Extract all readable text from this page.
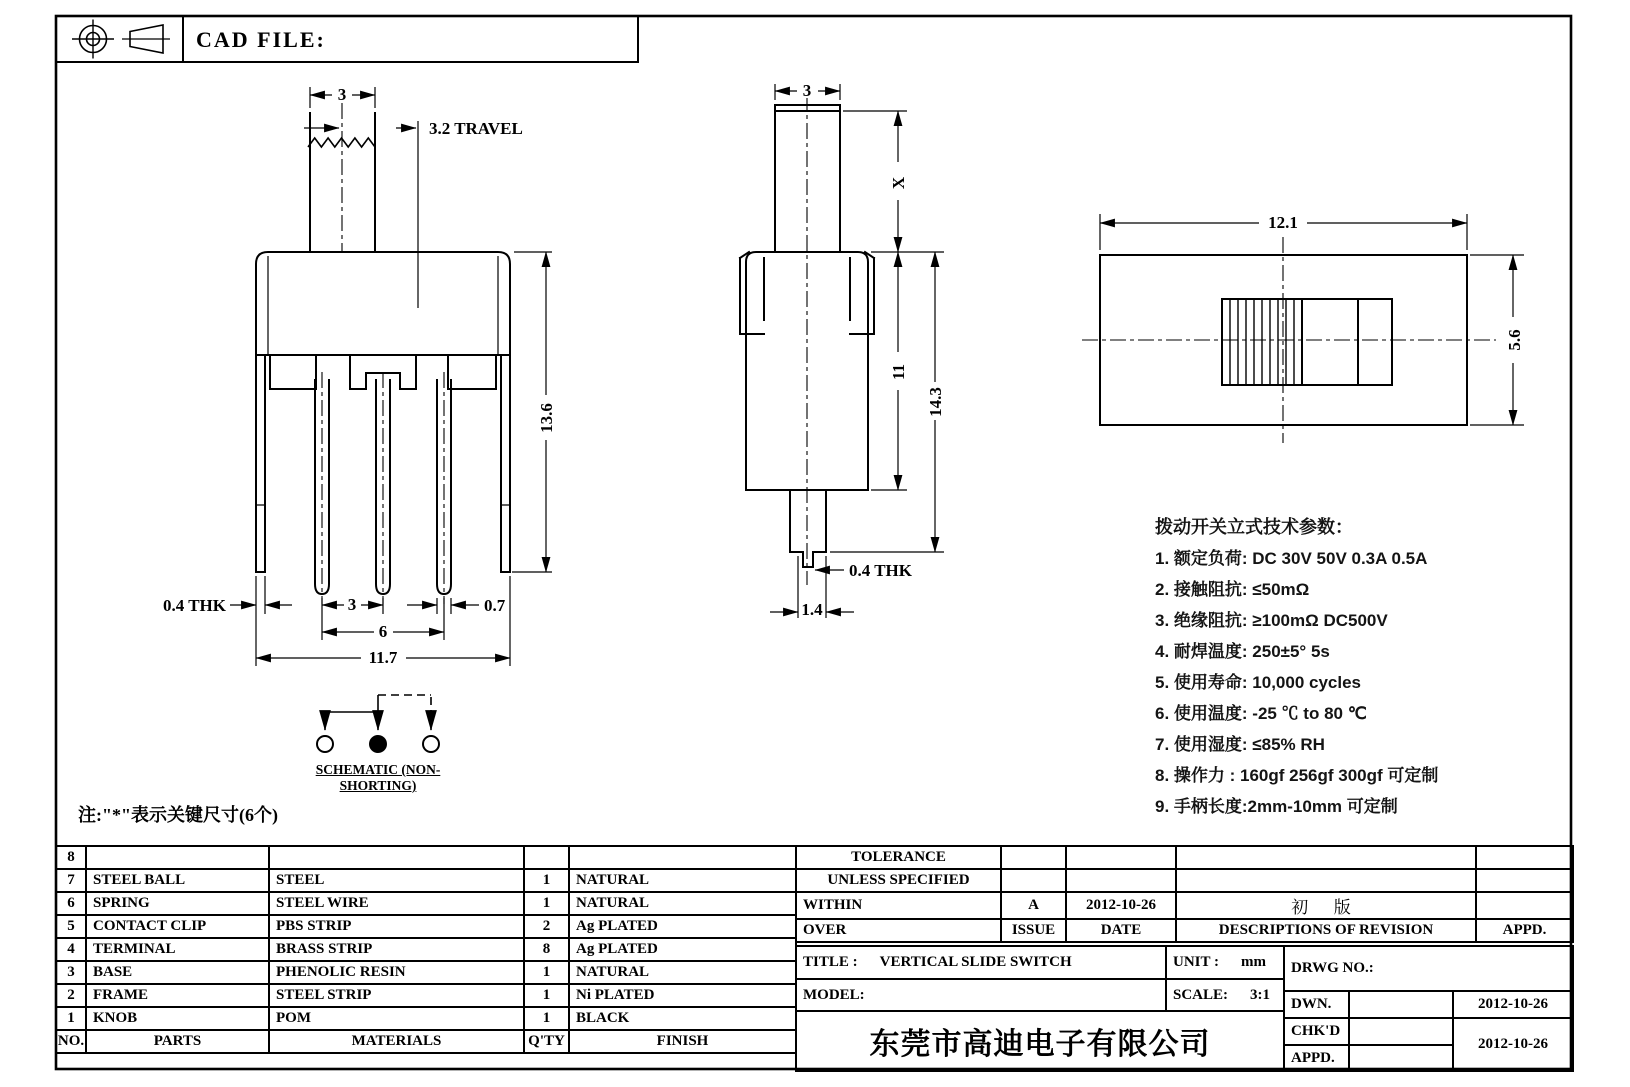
3
3.2 TRAVEL
13.6
0.4 THK	3	0.7
6
11.7
3
X
11
14.3
0.4 THK
1.4
12.1
5.6
CAD FILE:
SCHEMATIC (NON-SHORTING)
注:"*"表示关键尺寸(6个)
拨动开关立式技术参数：
1. 额定负荷: DC 30V 50V 0.3A 0.5A
2. 接触阻抗: ≤50mΩ
3. 绝缘阻抗: ≥100mΩ DC500V
4. 耐焊温度: 250±5° 5s
5. 使用寿命: 10,000 cycles
6. 使用温度: -25 ℃ to 80 ℃
7. 使用湿度: ≤85% RH
8. 操作力 : 160gf 256gf 300gf 可定制
9. 手柄长度:2mm-10mm 可定制
8				
7	STEEL BALL	STEEL	1	NATURAL
6	SPRING	STEEL WIRE	1	NATURAL
5	CONTACT CLIP	PBS STRIP	2	Ag PLATED
4	TERMINAL	BRASS STRIP	8	Ag PLATED
3	BASE	PHENOLIC RESIN	1	NATURAL
2	FRAME	STEEL STRIP	1	Ni PLATED
1	KNOB	POM	1	BLACK
NO.	PARTS	MATERIALS	Q'TY	FINISH
TOLERANCE				
UNLESS SPECIFIED				
WITHIN	A	2012-10-26	初 版	
OVER	ISSUE	DATE	DESCRIPTIONS OF REVISION	APPD.
TITLE : VERTICAL SLIDE SWITCH	UNIT : mm
MODEL:	SCALE: 3:1
东莞市高迪电子有限公司	
DRWG NO.:		
DWN.		2012-10-26
CHK'D		2012-10-26
APPD.		
